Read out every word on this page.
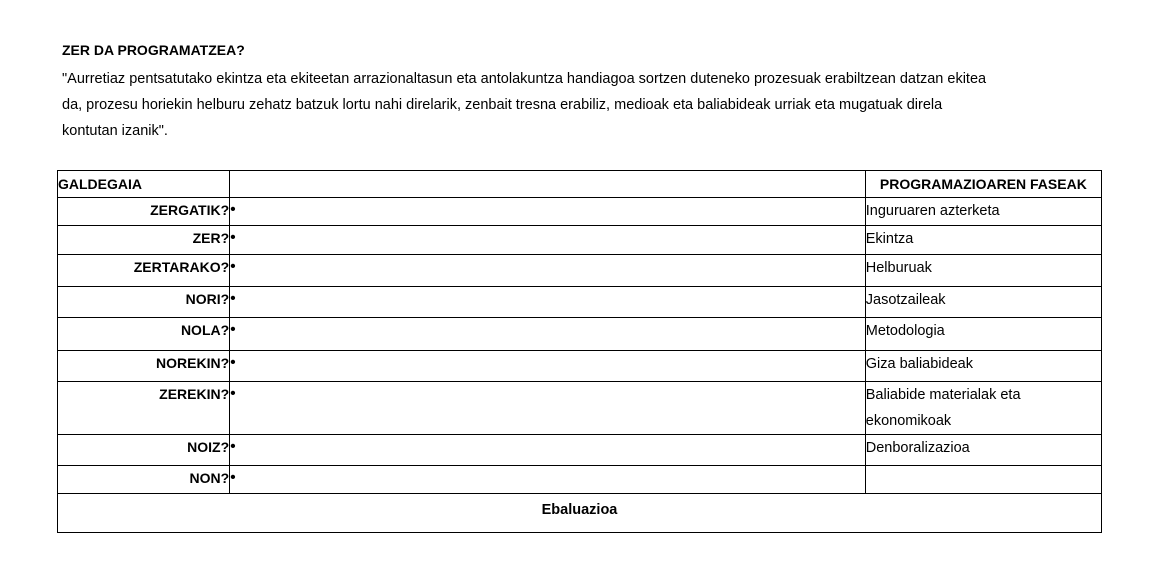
ZER DA PROGRAMATZEA?
"Aurretiaz pentsatutako ekintza eta ekiteetan arrazionaltasun eta antolakuntza handiagoa sortzen duteneko prozesuak erabiltzean datzan ekitea
da, prozesu horiekin helburu zehatz batzuk lortu nahi direlarik, zenbait tresna erabiliz, medioak eta baliabideak urriak eta mugatuak direla
kontutan izanik".
GALDEGAIA		PROGRAMAZIOAREN FASEAK
ZERGATIK?	•	Inguruaren azterketa
ZER?	•	Ekintza
ZERTARAKO?	•	Helburuak
NORI?	•	Jasotzaileak
NOLA?	•	Metodologia
NOREKIN?	•	Giza baliabideak
ZEREKIN?	•	Baliabide materialak eta ekonomikoak
NOIZ?	•	Denboralizazioa
NON?	•	
Ebaluazioa		
